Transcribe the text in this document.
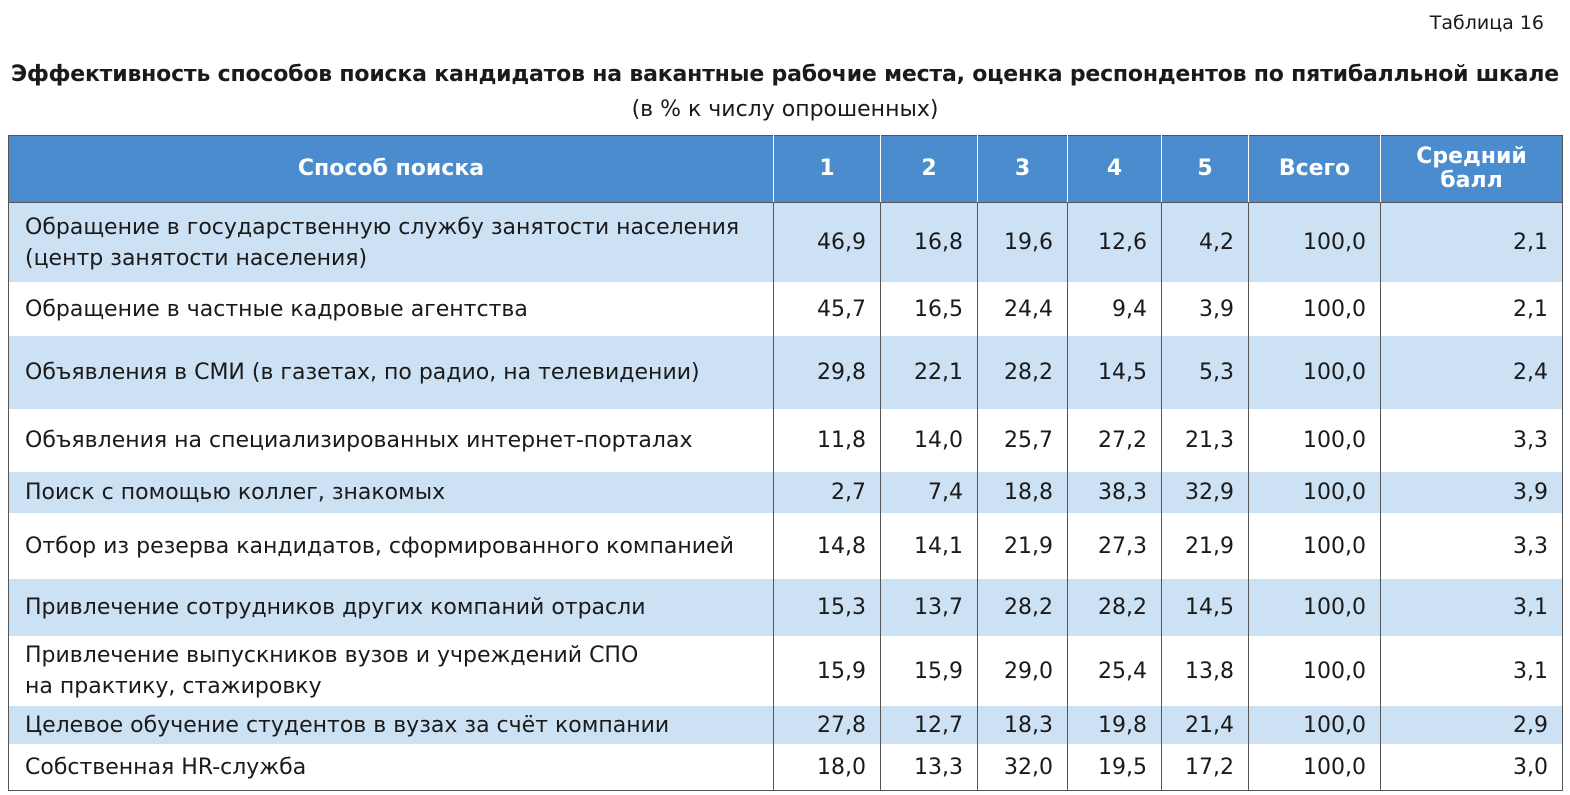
Таблица 16
Эффективность способов поиска кандидатов на вакантные рабочие места, оценка респондентов по пятибалльной шкале
(в % к числу опрошенных)
Способ поиска	1	2	3	4	5	Всего	Средний балл

Обращение в государственную службу занятости населения
(центр занятости населения)	46,9	16,8	19,6	12,6	4,2	100,0	2,1

Обращение в частные кадровые агентства	45,7	16,5	24,4	9,4	3,9	100,0	2,1

Объявления в СМИ (в газетах, по радио, на телевидении)	29,8	22,1	28,2	14,5	5,3	100,0	2,4

Объявления на специализированных интернет-порталах	11,8	14,0	25,7	27,2	21,3	100,0	3,3

Поиск с помощью коллег, знакомых	2,7	7,4	18,8	38,3	32,9	100,0	3,9

Отбор из резерва кандидатов, сформированного компанией	14,8	14,1	21,9	27,3	21,9	100,0	3,3

Привлечение сотрудников других компаний отрасли	15,3	13,7	28,2	28,2	14,5	100,0	3,1

Привлечение выпускников вузов и учреждений СПО
на практику, стажировку	15,9	15,9	29,0	25,4	13,8	100,0	3,1

Целевое обучение студентов в вузах за счёт компании	27,8	12,7	18,3	19,8	21,4	100,0	2,9

Собственная HR-служба	18,0	13,3	32,0	19,5	17,2	100,0	3,0
